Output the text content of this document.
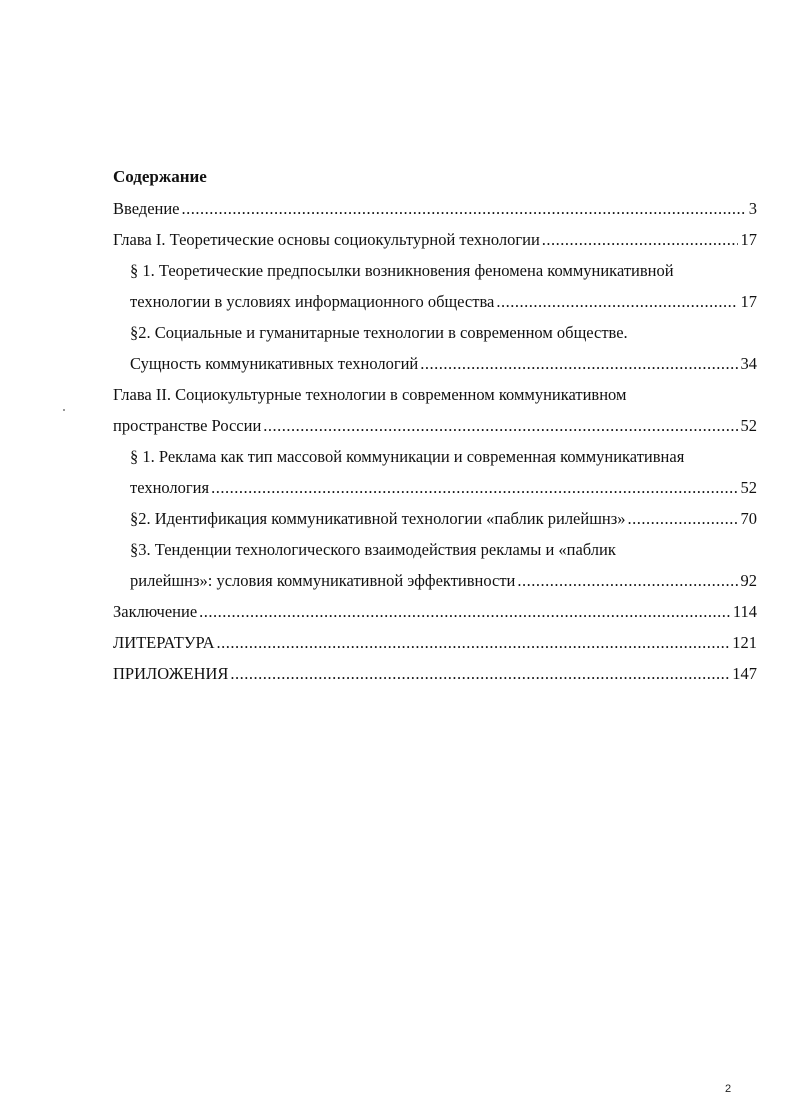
Содержание
Введение .....	3
Глава I. Теоретические основы социокультурной технологии .....	17
§ 1. Теоретические предпосылки возникновения феномена коммуникативной
технологии в условиях информационного общества .....	17
§2. Социальные и гуманитарные технологии в современном обществе.
Сущность коммуникативных технологий .....	34
Глава II. Социокультурные технологии в современном коммуникативном
пространстве России .....	52
§ 1. Реклама как тип массовой коммуникации и современная коммуникативная
технология .....	52
§2. Идентификация коммуникативной технологии «паблик рилейшнз» .....	70
§3. Тенденции технологического взаимодействия рекламы и «паблик
рилейшнз»: условия коммуникативной эффективности .....	92
Заключение .....	114
ЛИТЕРАТУРА .....	121
ПРИЛОЖЕНИЯ .....	147
2
